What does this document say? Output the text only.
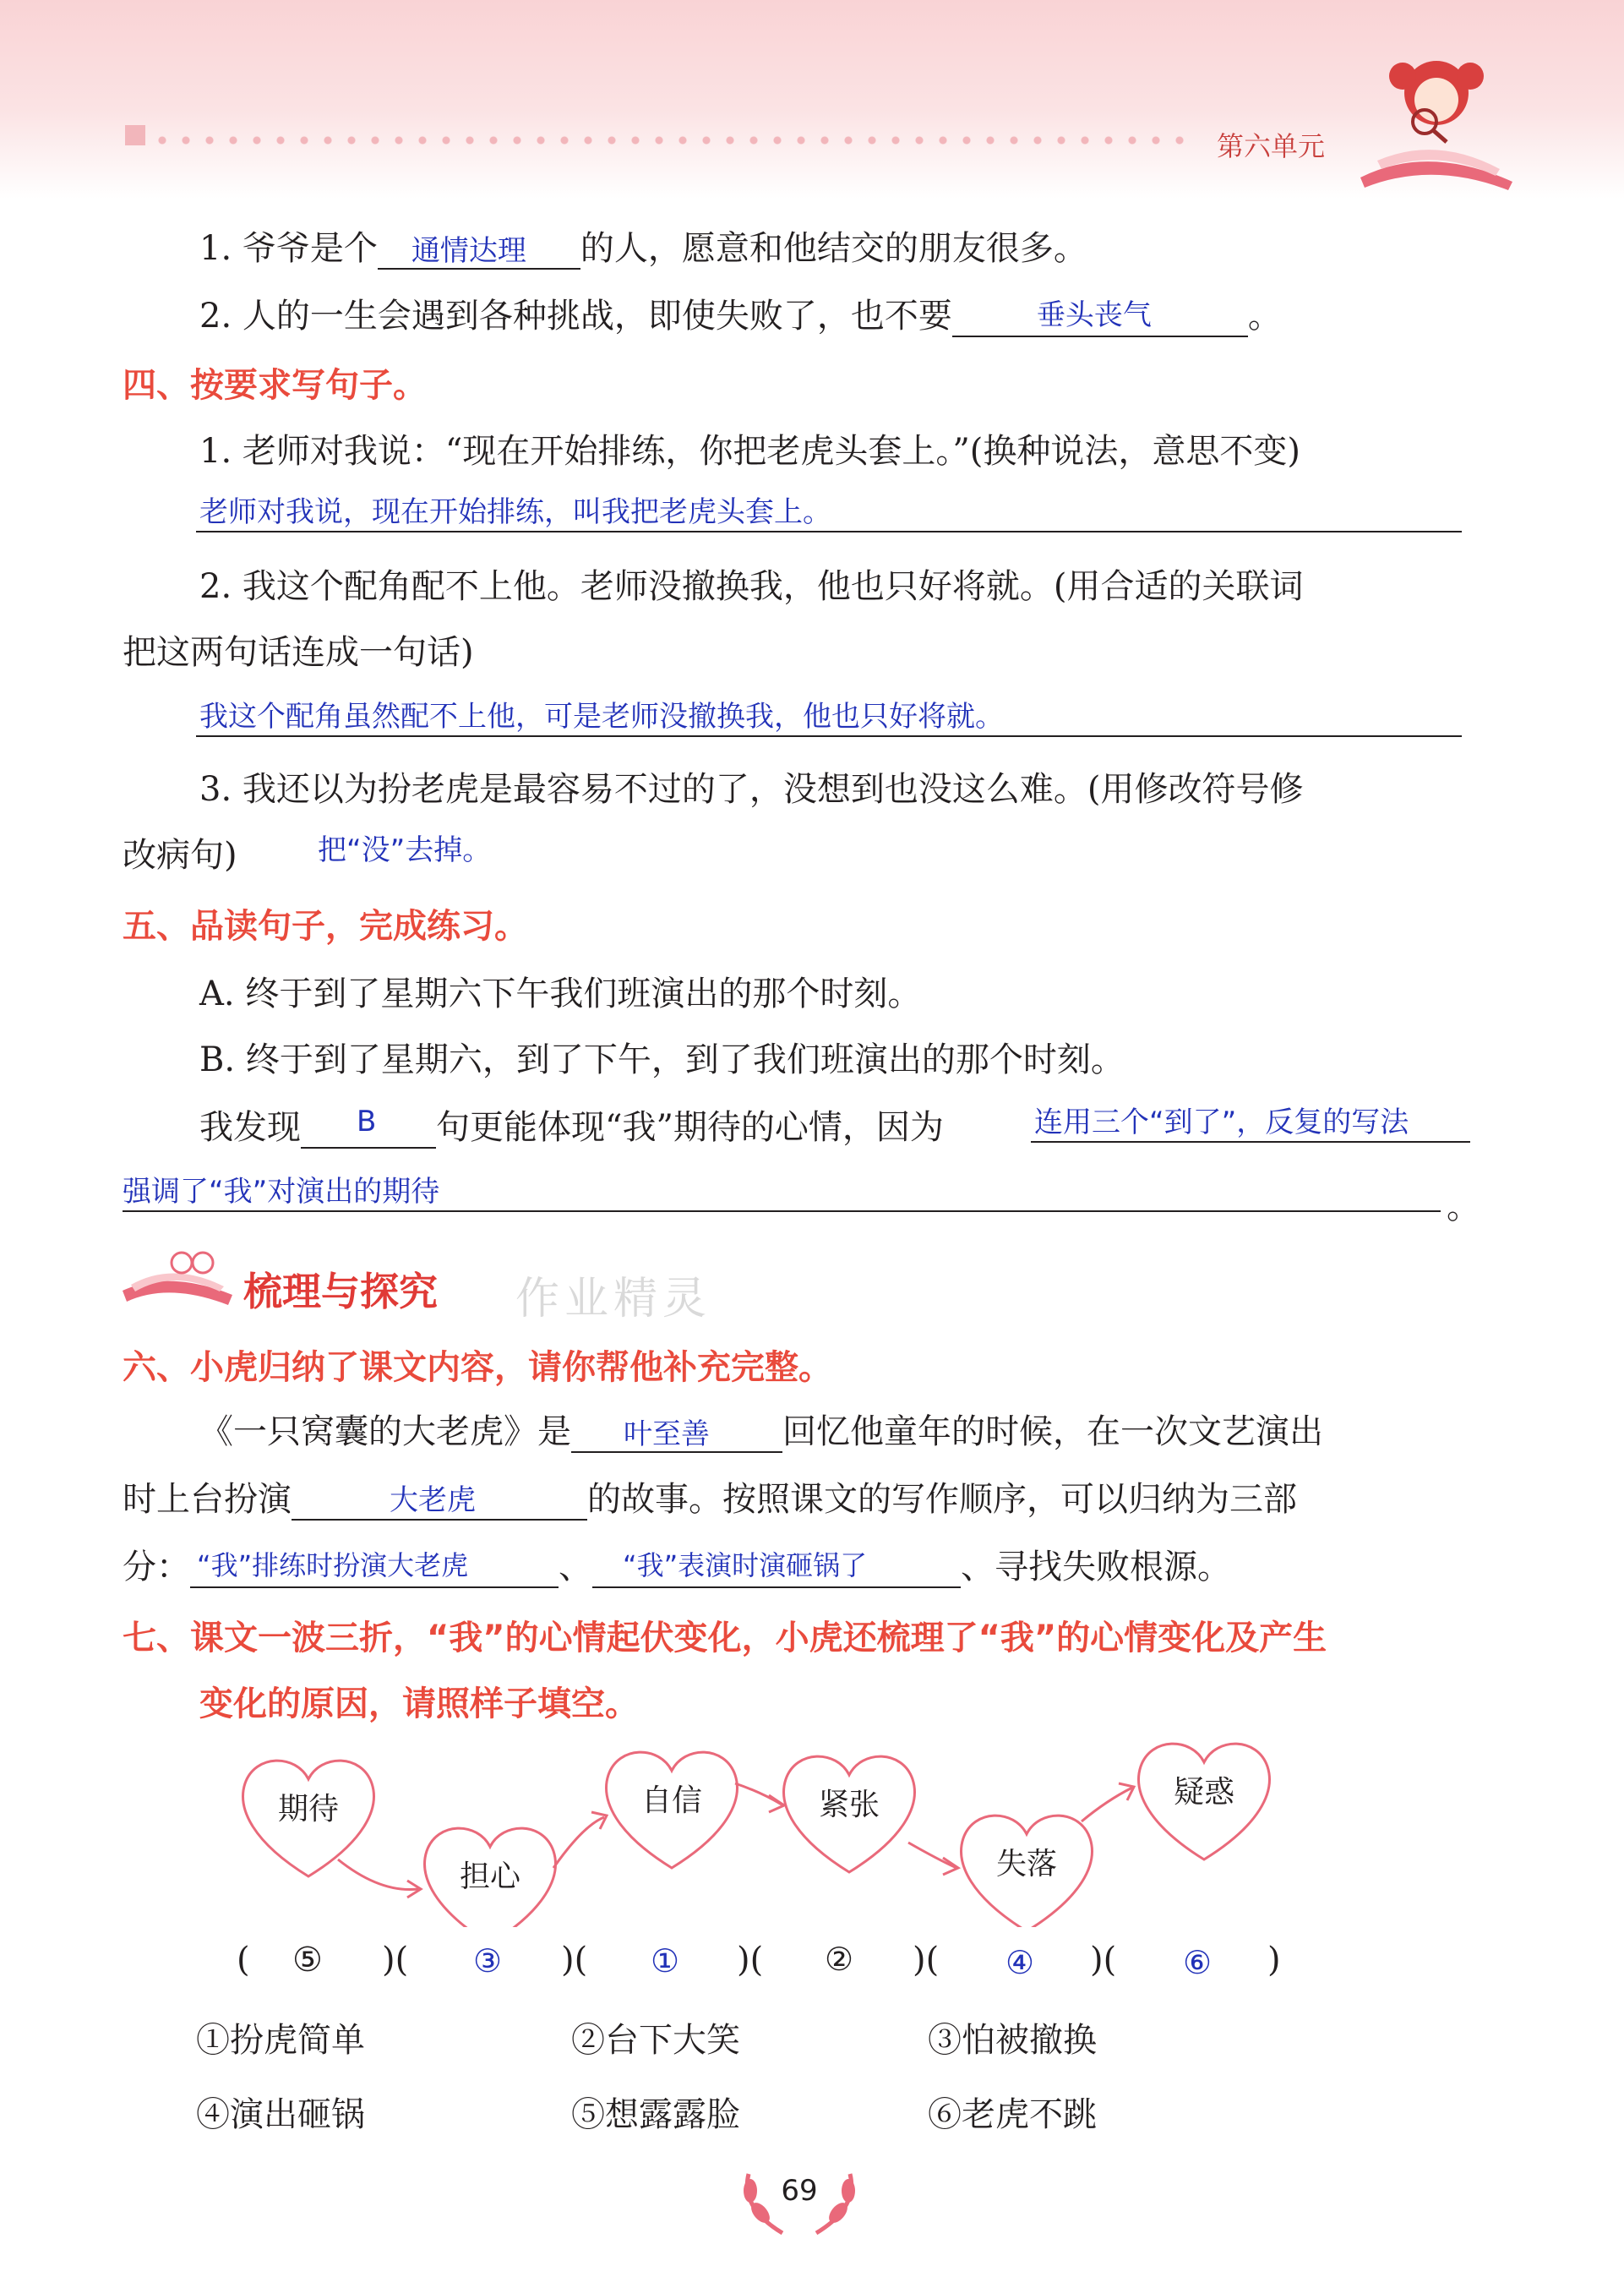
第六单元
1. 爷爷是个 通情达理 的人，愿意和他结交的朋友很多。
2. 人的一生会遇到各种挑战，即使失败了，也不要	垂头丧气	。
四、按要求写句子。
1. 老师对我说：“现在开始排练，你把老虎头套上。”(换种说法，意思不变)
老师对我说，现在开始排练，叫我把老虎头套上。
2. 我这个配角配不上他。老师没撤换我，他也只好将就。(用合适的关联词
把这两句话连成一句话)
我这个配角虽然配不上他，可是老师没撤换我，他也只好将就。
3. 我还以为扮老虎是最容易不过的了，没想到也没这么难。(用修改符号修
改病句)	把“没”去掉。
五、品读句子，完成练习。
A. 终于到了星期六下午我们班演出的那个时刻。
B. 终于到了星期六，到了下午，到了我们班演出的那个时刻。
我发现 B 句更能体现“我”期待的心情，因为	连用三个“到了”，反复的写法
强调了“我”对演出的期待	。
梳理与探究 作业精灵
六、小虎归纳了课文内容，请你帮他补充完整。
《一只窝囊的大老虎》是 叶至善 回忆他童年的时候，在一次文艺演出
时上台扮演	大老虎	的故事。按照课文的写作顺序，可以归纳为三部
分： “我”排练时扮演大老虎	、 “我”表演时演砸锅了	、寻找失败根源。
七、课文一波三折，“我”的心情起伏变化，小虎还梳理了“我”的心情变化及产生
变化的原因，请照样子填空。
期待
担心
自信	紧张
失落
疑惑
( ⑤ )( ③ )( ① )( ② )( ④ )( ⑥ )
①扮虎简单	②台下大笑	③怕被撤换
④演出砸锅	⑤想露露脸	⑥老虎不跳
69
